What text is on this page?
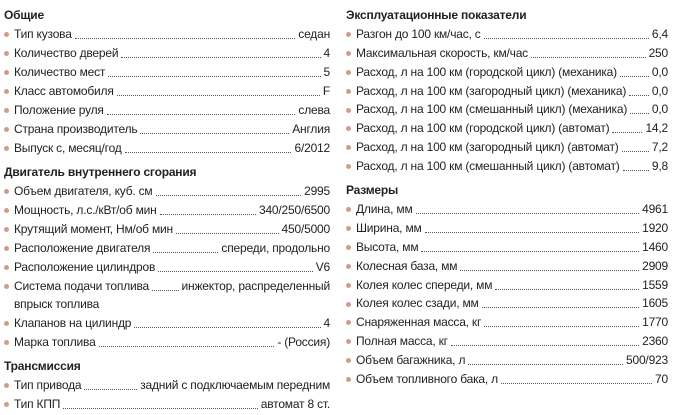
Общие
Тип кузова	седан
Количество дверей	4
Количество мест	5
Класс автомобиля	F
Положение руля	слева
Страна производитель	Англия
Выпуск с, месяц/год	6/2012
Двигатель внутреннего сгорания
Объем двигателя, куб. см	2995
Мощность, л.с./кВт/об мин	340/250/6500
Крутящий момент, Нм/об мин	450/5000
Расположение двигателя	спереди, продольно
Расположение цилиндров	V6
Система подачи топлива	инжектор, распределенный
впрыск топлива
Клапанов на цилиндр	4
Марка топлива	- (Россия)
Трансмиссия
Тип привода	задний с подключаемым передним
Тип КПП	автомат 8 ст.
Эксплуатационные показатели
Разгон до 100 км/час, с	6,4
Максимальная скорость, км/час	250
Расход, л на 100 км (городской цикл) (механика)	0,0
Расход, л на 100 км (загородный цикл) (механика) 0,0
Расход, л на 100 км (смешанный цикл) (механика) 0,0
Расход, л на 100 км (городской цикл) (автомат)	14,2
Расход, л на 100 км (загородный цикл) (автомат)	7,2
Расход, л на 100 км (смешанный цикл) (автомат)	9,8
Размеры
Длина, мм	4961
Ширина, мм	1920
Высота, мм	1460
Колесная база, мм	2909
Колея колес спереди, мм	1559
Колея колес сзади, мм	1605
Снаряженная масса, кг	1770
Полная масса, кг	2360
Объем багажника, л	500/923
Объем топливного бака, л	70
